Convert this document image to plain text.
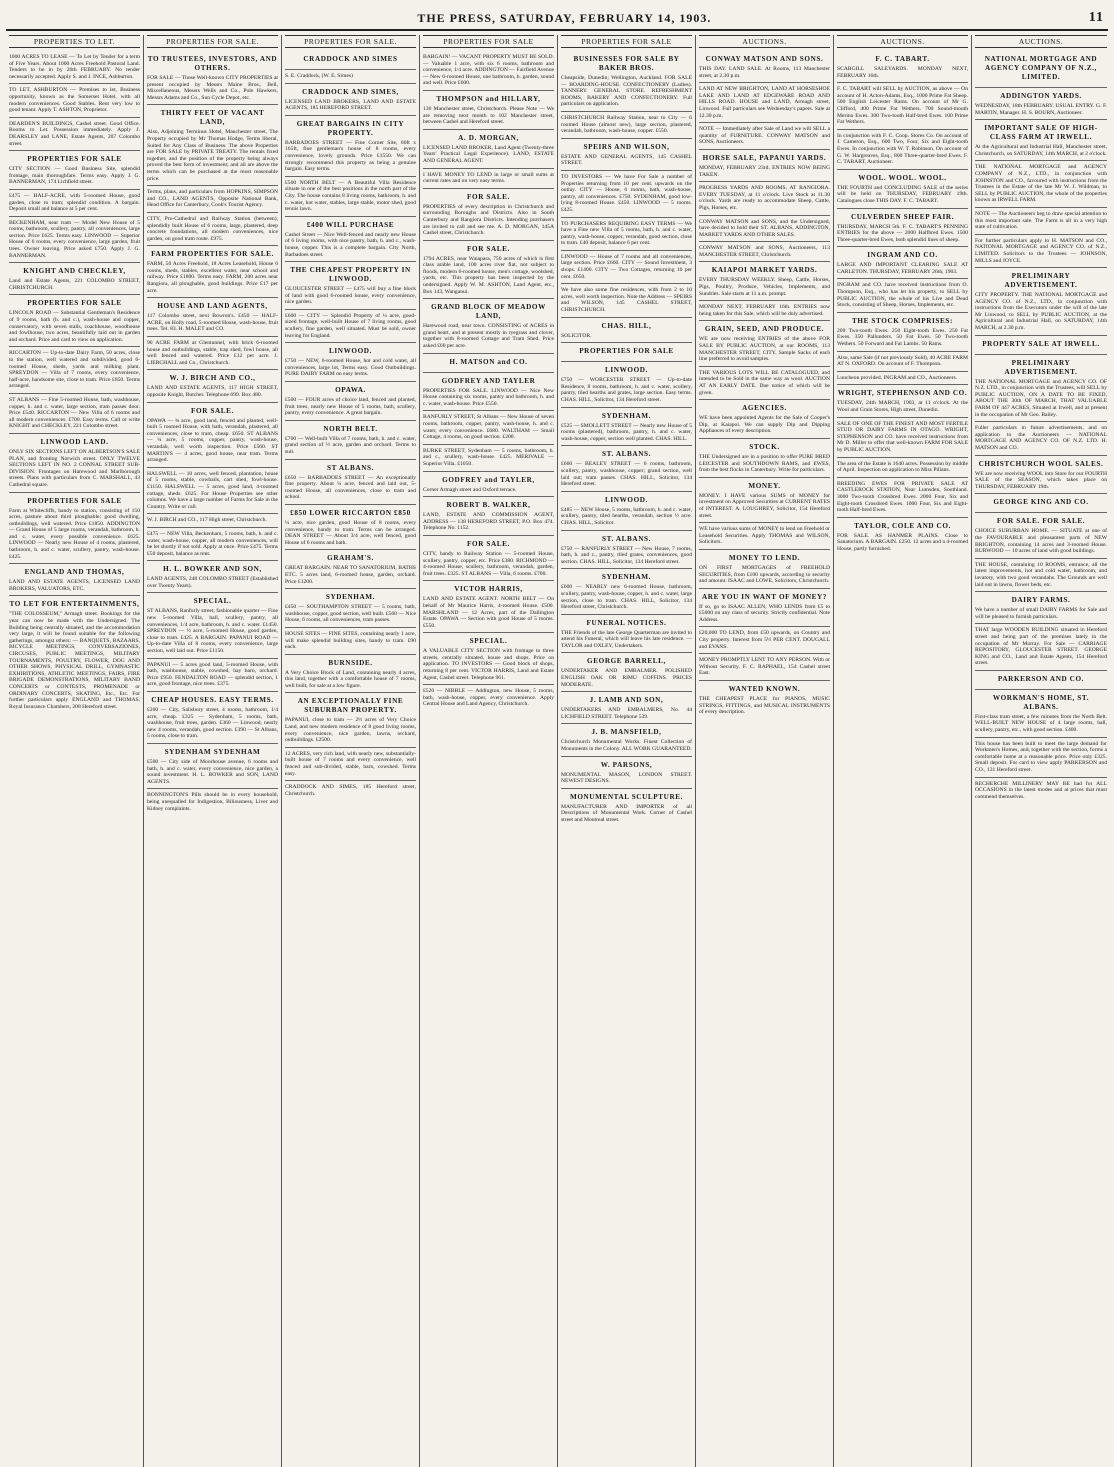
THE PRESS, SATURDAY, FEBRUARY 14, 1903.	11
PROPERTIES TO LET.
1000 ACRES TO LEASE — To Let by Tender for a term of Five Years. About 1000 Acres Freehold Pastoral Land. Tenders to be in by 26th FEBRUARY. No tender necessarily accepted. Apply S. and J. INCE, Ashburton.
TO LET, ASHBURTON — Premises to let, Business opportunity, known as the Somerset Hotel, with all modern conveniences. Good Stables. Rent very low to good tenant. Apply T. ASHTON, Proprietor.
DEARDEN'S BUILDINGS, Cashel street. Good Office. Rooms to Let. Possession immediately. Apply J. DEARSLEY and LANE, Estate Agents, 207 Colombo street.
PROPERTIES FOR SALE
CITY SECTION — Good Business Site, splendid frontage, main thoroughfare. Terms easy. Apply J. G. BANNERMAN, 174 Lichfield street.
£475 — HALF-ACRE, with 5-roomed House, good garden, close to tram; splendid condition. A bargain. Deposit small and balance at 5 per cent.
BECKENHAM, near tram — Model New House of 5 rooms, bathroom, scullery, pantry, all conveniences, large section. Price £625. Terms easy. LINWOOD — Superior House of 6 rooms, every convenience, large garden, fruit trees. Owner leaving. Price asked £750. Apply J. G. BANNERMAN.
KNIGHT AND CHECKLEY,
Land and Estate Agents, 221 COLOMBO STREET, CHRISTCHURCH.
PROPERTIES FOR SALE
LINCOLN ROAD — Substantial Gentleman's Residence of 9 rooms, bath (h. and c.), wash-house and copper, conservatory, with seven stalls, coachhouse, woodhouse and fowlhouse, two acres, beautifully laid out in garden and orchard. Price and card to view on application.
RICCARTON — Up-to-date Dairy Farm, 50 acres, close to the station, well watered and subdivided, good 6-roomed House, sheds, yards and milking plant. SPREYDON — Villa of 7 rooms, every convenience, half-acre, handsome site, close to tram. Price £850. Terms arranged.
ST ALBANS — Fine 5-roomed House, bath, washhouse, copper, h. and c. water, large section, tram passes door. Price £540. RICCARTON — New Villa of 6 rooms and all modern conveniences. £700. Easy terms. Call or write KNIGHT and CHECKLEY, 221 Colombo street.
LINWOOD LAND.
ONLY SIX SECTIONS LEFT ON ALBERTSON'S SALE PLAN, and fronting Norwich street. ONLY TWELVE SECTIONS LEFT IN NO. 2 CONNAL STREET SUB-DIVISION. Frontages on Harewood and Marlborough streets. Plans with particulars from C. MARSHALL, 43 Cathedral square.
PROPERTIES FOR SALE
Farm at Whitecliffs, handy to station, consisting of 150 acres, pasture about third ploughable; good dwelling, outbuildings, well watered. Price £1850. ADDINGTON — Grand House of 5 large rooms, verandah, bathroom, h. and c. water, every possible convenience. £625. LINWOOD — Nearly new House of 4 rooms, plastered, bathroom, h. and c. water, scullery, pantry, wash-house. £425.
ENGLAND AND THOMAS,
LAND AND ESTATE AGENTS, LICENSED LAND BROKERS, VALUATORS, ETC.
TO LET FOR ENTERTAINMENTS,
"THE COLOSSEUM," Armagh street. Bookings for the year can now be made with the Undersigned. The Building being centrally situated, and the accommodation very large, it will be found suitable for the following gatherings, amongst others: — BANQUETS, BAZAARS, BICYCLE MEETINGS, CONVERSAZIONES, CIRCUSES, PUBLIC MEETINGS, MILITARY TOURNAMENTS, POULTRY, FLOWER, DOG AND OTHER SHOWS, PHYSICAL DRILL, GYMNASTIC EXHIBITIONS, ATHLETIC MEETINGS, FAIRS, FIRE BRIGADE DEMONSTRATIONS, MILITARY BAND CONCERTS or CONTESTS, PROMENADE or ORDINARY CONCERTS, SKATING, Etc., Etc. For further particulars apply ENGLAND and THOMAS, Royal Insurance Chambers, 208 Hereford street.
PROPERTIES FOR SALE.
TO TRUSTEES, INVESTORS, AND OTHERS.
FOR SALE — Those Well-known CITY PROPERTIES at present occupied by Messrs Maine Bros., Bell, Miscellaneous, Messrs Wells and Co., Pole Hawkers, Messrs Adams and Co., Sun Cycle Depot, etc.
THIRTY FEET OF VACANT LAND,
Also, Adjoining Terminus Hotel, Manchester street, The Property occupied by Mr Thomas Hodge, Terms liberal, Suited for Any Class of Business. The above Properties are FOR SALE by PRIVATE TREATY. The rentals fixed together, and the position of the property being always proved the best form of investment; and all are above the terms which can be purchased at the most reasonable price.
Terms, plans, and particulars from HOPKINS, SIMPSON and CO., LAND AGENTS, Opposite National Bank, Head Office for Canterbury, Cook's Tourist Agency.
CITY, Pro-Cathedral and Railway Station (between), splendidly built House of 6 rooms, large, plastered, deep concrete foundations, all modern conveniences, nice garden, on good tram route. £975.
FARM PROPERTIES FOR SALE.
FARM, 50 Acres Freehold, 18 Acres Leasehold, House 6 rooms, sheds, stables, excellent water, near school and railway. Price £1800. Terms easy. FARM, 200 acres near Rangiora, all ploughable, good buildings. Price £17 per acre.
HOUSE AND LAND AGENTS,
117 Colombo street, next Bowron's. £450 — HALF-ACRE, on Holly road, 5-roomed House, wash-house, fruit trees. Tel. 83. H. MALET and CO.
90 ACRE FARM at Glentunnel, with brick 6-roomed house and outbuildings, stable, trap shed, fowl house, all well fenced and watered. Price £12 per acre. J. LIERCHALL and Co., Christchurch.
W. J. BIRCH AND CO.,
LAND AND ESTATE AGENTS, 117 HIGH STREET, opposite Knight, Butcher. Telephone 699. Box 480.
FOR SALE.
OPAWA — ¾ acre, good land, fenced and planted, well-built 5 roomed House, with bath, verandah, plastered, all conveniences, close to tram, cheap. £650. ST ALBANS — ¼ acre, 5 rooms, copper, pantry, wash-house, verandah, well worth inspection. Price £560. ST MARTIN'S — 4 acres, good house, near tram. Terms arranged.
HALSWELL — 10 acres, well fenced, plantation, house of 5 rooms, stable, cowbails, cart shed, fowl-house. £1150. HALSWELL — 5 acres, good land, 4-roomed cottage, sheds. £625. For House Properties see other columns. We have a large number of Farms for Sale in the Country. Write or call.
W. J. BIRCH and CO., 117 High street, Christchurch.
£475 — NEW Villa, Beckenham, 5 rooms, bath, h. and c. water, wash-house, copper, all modern conveniences, will be let shortly if not sold. Apply at once. Price £475. Terms £50 deposit, balance as rent.
H. L. BOWKER AND SON,
LAND AGENTS, 248 COLOMBO STREET (Established over Twenty Years).
SPECIAL.
ST ALBANS, Ranfurly street, fashionable quarter — Fine new 5-roomed Villa, hall, scullery, pantry, all conveniences, 1/4 acre, bathroom, h. and c. water. £1450. SPREYDON — ½ acre, 5-roomed House, good garden, close to tram. £425. A BARGAIN. PAPANUI ROAD — Up-to-date Villa of 8 rooms, every convenience, large section, well laid out. Price £1150.
PAPANUI — 5 acres good land, 5-roomed House, with bath, washhouse, stable, cowshed, hay barn, orchard. Price £950. FENDALTON ROAD — splendid section, 1 acre, good frontage, nice trees. £375.
CHEAP HOUSES. EASY TERMS.
£200 — City, Salisbury street, 4 rooms, bathroom, 1/4 acre, cheap. £325 — Sydenham, 5 rooms, bath, washhouse, fruit trees, garden. £360 — Linwood, nearly new 4 rooms, verandah, good section. £390 — St Albans, 5 rooms, close to tram.
SYDENHAM SYDENHAM
£500 — City side of Moorhouse avenue, 6 rooms and bath, h. and c. water, every convenience, nice garden, a sound investment. H. L. BOWKER and SON, LAND AGENTS.
BONNINGTON'S Pills should be in every household, being unequalled for Indigestion, Biliousness, Liver and Kidney complaints.
PROPERTIES FOR SALE.
CRADDOCK AND SIMES
S. E. Craddock, (W. E. Simes)
CRADDOCK AND SIMES,
LICENSED LAND BROKERS, LAND AND ESTATE AGENTS, 185 HEREFORD STREET.
GREAT BARGAINS IN CITY PROPERTY.
BARBADOES STREET — Fine Corner Site, 66ft x 165ft, fine gentleman's house of 8 rooms, every convenience, lovely grounds. Price £1550. We can strongly recommend this property as being a genuine bargain. Easy terms.
£500 NORTH BELT — A Beautiful Villa Residence situate in one of the best positions in the north part of the City. The house contains 8 living rooms, bathroom, h. and c. water, hot water, stables, large stable, motor shed, good tennis lawn.
£400 WILL PURCHASE
Cashel Street — Nice Well-fenced and nearly new House of 6 living rooms, with nice pantry, bath, h. and c., wash-house, copper. This is a complete bargain. City North, Barbadoes street.
THE CHEAPEST PROPERTY IN LINWOOD.
GLOUCESTER STREET — £475 will buy a fine block of land with good 6-roomed house, every convenience, nice garden.
£600 — CITY — Splendid Property of ¼ acre, good-sized frontage, well-built House of 7 living rooms, good scullery, fine garden, well situated. Must be sold, owner leaving for England.
LINWOOD.
£750 — NEW, 6-roomed House, hot and cold water, all conveniences, large lot, Terms easy. Good Outbuildings. PURE DAIRY FARM on easy terms.
OPAWA.
£500 — FOUR acres of choice land, fenced and planted, fruit trees, nearly new House of 5 rooms, bath, scullery, pantry, every convenience. A great bargain.
NORTH BELT.
£700 — Well-built Villa of 7 rooms, bath, h. and c. water, grand section of ½ acre, garden and orchard. Terms to suit.
ST ALBANS.
£650 — BARBADOES STREET — An exceptionally fine property. About ¼ acre, fenced and laid out, 5-roomed House, all conveniences, close to tram and school.
£850 LOWER RICCARTON £850
¼ acre, nice garden, good House of 8 rooms, every convenience, handy to tram. Terms can be arranged. DEAN STREET — About 3/4 acre, well fenced, good House of 6 rooms and bath.
GRAHAM'S.
GREAT BARGAIN. NEAR TO SANATORIUM, BATHS ETC. 5 acres land, 6-roomed house, garden, orchard. Price £1200.
SYDENHAM.
£450 — SOUTHAMPTON STREET — 5 rooms, bath, washhouse, copper, good section, well built. £560 — Nice House, 6 rooms, all conveniences, tram passes.
HOUSE SITES — FINE SITES, containing nearly 1 acre, will make splendid building sites, handy to tram. £90 each.
BURNSIDE.
A Very Choice Block of Land, containing nearly 4 acres, this land, together with a comfortable house of 7 rooms, well built, for sale at a low figure.
AN EXCEPTIONALLY FINE SUBURBAN PROPERTY.
PAPANUI, close to tram — 2½ acres of Very Choice Land, and new modern residence of 8 good living rooms, every convenience, nice garden, lawns, orchard, outbuildings. £2500.
12 ACRES, very rich land, with nearly new, substantially-built house of 7 rooms and every convenience, well fenced and sub-divided, stable, barn, cowshed. Terms easy.
CRADDOCK AND SIMES, 185 Hereford street, Christchurch.
PROPERTIES FOR SALE
BARGAIN! — VACANT PROPERTY MUST BE SOLD. — Valuable 1 acre, with six 6 rooms, bathroom and convenience, 1/4 acre. ADDINGTON — Fairfield Avenue — New 6-roomed House, one bathroom, h. garden, sound and well. Price £600.
THOMPSON and HILLARY,
130 Manchester street, Christchurch. Please Note — We are removing next month to 102 Manchester street, between Cashel and Hereford street.
A. D. MORGAN,
LICENSED LAND BROKER, Land Agent (Twenty-three Years' Practical Legal Experience). LAND, ESTATE AND GENERAL AGENT.
I HAVE MONEY TO LEND in large or small sums at current rates and on very easy terms.
FOR SALE.
PROPERTIES of every description in Christchurch and surrounding Boroughs and Districts. Also in South Canterbury and Rangiora Districts. Intending purchasers are invited to call and see me. A. D. MORGAN, 145A Cashel street, Christchurch.
FOR SALE.
1794 ACRES, near Waiapara, 750 acres of which is first class arable land, 100 acres river flat, not subject to floods, modern 6-roomed house, men's cottage, woolshed, yards, etc. This property has been inspected by the undersigned. Apply W. M. ASHTON, Land Agent, etc., Box 143, Wanganui.
GRAND BLOCK OF MEADOW LAND,
Harewood road, near town. CONSISTING of ACRES in grand heart, and at present mostly in ryegrass and clover, together with 8-roomed Cottage and Tram Shed. Price asked £60 per acre.
H. MATSON and CO.
GODFREY AND TAYLER
PROPERTIES FOR SALE. LINWOOD — Nice New House containing six rooms, pantry and bathroom, h. and c. water, wash-house. Price £550.
RANFURLY STREET, St Albans — New House of seven rooms, bathroom, copper, pantry, wash-house, h. and c. water, every convenience. £680. WALTHAM — Small Cottage, 4 rooms, on good section. £200.
BURKE STREET, Sydenham — 5 rooms, bathroom, h. and c., scullery, wash-house. £425. MERIVALE — Superior Villa. £1050.
GODFREY and TAYLER,
Corner Armagh street and Oxford terrace.
ROBERT B. WALKER,
LAND, ESTATE AND COMMISSION AGENT, ADDRESS — 138 HEREFORD STREET, P.O. Box 474. Telephone No. 1152.
FOR SALE.
CITY, handy to Railway Station — 5-roomed House, scullery, pantry, copper, etc. Price £380. RICHMOND — 4-roomed House, scullery, bathroom, verandah, garden, fruit trees. £325. ST ALBANS — Villa, 6 rooms. £700.
VICTOR HARRIS,
LAND AND ESTATE AGENT. NORTH BELT — On behalf of Mr Maurice Harris, 4-roomed House. £500. MARSHLAND — 12 Acres, part of the Dallington Estate. OPAWA — Section with good House of 5 rooms. £550.
SPECIAL.
A VALUABLE CITY SECTION with frontage to three streets, centrally situated, house and shops. Price on application. TO INVESTORS — Good block of shops, returning 8 per cent. VICTOR HARRIS, Land and Estate Agent, Cashel street. Telephone 961.
£520 — NIBBLE — Addington, new House, 5 rooms, bath, wash-house, copper, every convenience. Apply Central House and Land Agency, Christchurch.
PROPERTIES FOR SALE
BUSINESSES FOR SALE BY BAKER BROS.
Cheapside, Dunedin; Wellington, Auckland. FOR SALE — BOARDING-HOUSE. CONFECTIONERY (Ladies). TANNERY. GENERAL STORE. REFRESHMENT ROOMS, BAKERY AND CONFECTIONERY. Full particulars on application.
CHRISTCHURCH Railway Station, near to City — 6 roomed House (almost new), large section, plastered, verandah, bathroom, wash-house, copper. £550.
SPEIRS AND WILSON,
ESTATE AND GENERAL AGENTS, 145 CASHEL STREET.
TO INVESTORS — We have For Sale a number of Properties returning from 10 per cent. upwards on the outlay. CITY — House, 6 rooms, bath, wash-house, pantry, all conveniences. £750. SYDENHAM, good low-lying 8-roomed House. £450. LINWOOD — 5 rooms. £425.
TO PURCHASERS REQUIRING EASY TERMS — We have a Fine new Villa of 5 rooms, bath, h. and c. water, pantry, wash-house, copper, verandah, good section, close to tram. £40 deposit, balance 6 per cent.
LINWOOD — House of 7 rooms and all conveniences, large section. Price £660. CITY — Sound Investment, 3 shops. £1400. CITY — Two Cottages, returning 10 per cent. £650.
We have also some fine residences, with from 2 to 10 acres, well worth inspection. Note the Address — SPEIRS and WILSON, 145 CASHEL STREET, CHRISTCHURCH.
CHAS. HILL,
SOLICITOR.
PROPERTIES FOR SALE
LINWOOD.
£750 — WORCESTER STREET — Up-to-date Residence, 8 rooms, bathroom, h. and c. water, scullery, pantry, tiled hearths and grates, large section. Easy terms. CHAS. HILL, Solicitor, 134 Hereford street.
SYDENHAM.
£525 — SMOLLETT STREET — Nearly new House of 5 rooms (plastered), bathroom, pantry, h. and c. water, wash-house, copper, section well planted. CHAS. HILL.
ST. ALBANS.
£660 — BEALEY STREET — 6 rooms, bathroom, scullery, pantry, washhouse, copper; grand section, well laid out; tram passes. CHAS. HILL, Solicitor, 134 Hereford street.
LINWOOD.
£485 — NEW House, 5 rooms, bathroom, h. and c. water, scullery, pantry, tiled hearths, verandah, section ½ acre. CHAS. HILL, Solicitor.
ST. ALBANS.
£750 — RANFURLY STREET — New House, 7 rooms, bath, h. and c., pantry, tiled grates, conveniences, good section. CHAS. HILL, Solicitor, 134 Hereford street.
SYDENHAM.
£600 — NEARLY new 6-roomed House, bathroom, scullery, pantry, wash-house, copper, h. and c. water, large section, close to tram. CHAS. HILL, Solicitor, 134 Hereford street, Christchurch.
FUNERAL NOTICES.
THE Friends of the late George Quarterman are invited to attend his Funeral, which will leave his late residence. — TAYLOR and OXLEY, Undertakers.
GEORGE BARRELL,
UNDERTAKER AND EMBALMER. POLISHED ENGLISH OAK OR RIMU COFFINS. PRICES MODERATE.
J. LAMB AND SON,
UNDERTAKERS AND EMBALMERS, No. 44 LICHFIELD STREET. Telephone 539.
J. B. MANSFIELD,
Christchurch Monumental Works. Finest Collection of Monuments in the Colony. ALL WORK GUARANTEED.
W. PARSONS,
MONUMENTAL MASON, LONDON STREET. NEWEST DESIGNS.
MONUMENTAL SCULPTURE.
MANUFACTURER AND IMPORTER of all Descriptions of Monumental Work. Corner of Cashel street and Montreal street.
AUCTIONS.
CONWAY MATSON AND SONS.
THIS DAY. LAND SALE. At Rooms, 113 Manchester street, at 2.30 p.m.
LAND AT NEW BRIGHTON, LAND AT HORSESHOE LAKE AND LAND AT EDGEWARE ROAD AND HILLS ROAD. HOUSE and LAND, Armagh street, Linwood. Full particulars see Wednesday's papers. Sale at 12.30 p.m.
NOTE — Immediately after Sale of Land we will SELL a quantity of FURNITURE. CONWAY MATSON and SONS, Auctioneers.
HORSE SALE, PAPANUI YARDS.
MONDAY, FEBRUARY 23rd. ENTRIES NOW BEING TAKEN.
PROGRESS YARDS AND ROOMS, AT RANGIORA. EVERY TUESDAY, at 11 o'clock. Live Stock at 11.30 o'clock. Yards are ready to accommodate Sheep, Cattle, Pigs, Horses, etc.
CONWAY MATSON and SONS, and the Undersigned, have decided to hold their ST. ALBANS, ADDINGTON, MARKET YARDS AND OTHER SALES.
CONWAY MATSON and SONS, Auctioneers, 113 MANCHESTER STREET, Christchurch.
KAIAPOI MARKET YARDS.
EVERY THURSDAY WEEKLY. Sheep, Cattle, Horses, Pigs, Poultry, Produce, Vehicles, Implements, and Sundries. Sale starts at 11 a.m. prompt.
MONDAY NEXT, FEBRUARY 16th. ENTRIES now being taken for this Sale, which will be duly advertised.
GRAIN, SEED, AND PRODUCE.
WE are now receiving ENTRIES of the above FOR SALE BY PUBLIC AUCTION, at our ROOMS, 113 MANCHESTER STREET, CITY. Sample Sacks of each line preferred to avoid samples.
THE VARIOUS LOTS WILL BE CATALOGUED, and intended to be Sold in the same way as wool. AUCTION AT AN EARLY DATE. Due notice of which will be given.
AGENCIES.
WE have been appointed Agents for the Sale of Cooper's Dip, at Kaiapoi. We can supply Dip and Dipping Appliances of every description.
STOCK.
THE Undersigned are in a position to offer PURE BRED LEICESTER and SOUTHDOWN RAMS, and EWES, from the best flocks in Canterbury. Write for particulars.
MONEY.
MONEY. I HAVE various SUMS of MONEY for investment on Approved Securities at CURRENT RATES of INTEREST. A. LOUGHREY, Solicitor, 154 Hereford street.
WE have various sums of MONEY to lend on Freehold or Leasehold Securities. Apply THOMAS and WILSON, Solicitors.
MONEY TO LEND.
ON FIRST MORTGAGES of FREEHOLD SECURITIES, from £100 upwards, according to security and amount. ISAAC and LOWE, Solicitors, Christchurch.
ARE YOU IN WANT OF MONEY?
If so, go to ISAAC ALLEN, WHO LENDS from £5 to £5000 on any class of security. Strictly confidential. Note Address.
£20,000 TO LEND, from £50 upwards, on Country and City property. Interest from 5½ PER CENT. DOUGALL and EVANS.
MONEY PROMPTLY LENT TO ANY PERSON. With or Without Security. F. C. RAPHAEL, 154 Cashel street East.
WANTED KNOWN.
THE CHEAPEST PLACE for PIANOS, MUSIC STRINGS, FITTINGS, and MUSICAL INSTRUMENTS of every description.
AUCTIONS.
F. C. TABART.
SCARGILL SALEYARDS. MONDAY NEXT, FEBRUARY 16th.
F. C. TABART will SELL by AUCTION, as above — On account of H. Acton-Adams, Esq., 1000 Prime Fat Sheep. 500 English Leicester Rams. On account of Mr G. Clifford, 400 Prime Fat Wethers. 700 Sound-mouth Merino Ewes. 300 Two-tooth Half-bred Ewes. 100 Prime Fat Wethers.
In conjunction with F. C. Coop. Stores Co. On account of J. Cameron, Esq., 600 Two, Four, Six and Eight-tooth Ewes. In conjunction with W. T. Robinson. On account of G. W. Hargreaves, Esq., 800 Three-quarter-bred Ewes. F. C. TABART, Auctioneer.
WOOL. WOOL. WOOL.
THE FOURTH and CONCLUDING SALE of the series will be held on THURSDAY, FEBRUARY 19th. Catalogues close THIS DAY. F. C. TABART.
CULVERDEN SHEEP FAIR.
THURSDAY, MARCH 5th. F. C. TABART'S PENNING ENTRIES for the above — 2000 Halfbred Ewes. 1500 Three-quarter-bred Ewes, both splendid lines of sheep.
INGRAM AND CO.
LARGE AND IMPORTANT CLEARING SALE AT CARLETON. THURSDAY, FEBRUARY 26th, 1903.
INGRAM and CO. have received instructions from O. Thompson, Esq., who has let his property, to SELL by PUBLIC AUCTION, the whole of his Live and Dead Stock, consisting of Sheep, Horses, Implements, etc.
THE STOCK COMPRISES:
200 Two-tooth Ewes. 250 Eight-tooth Ewes. 250 Fat Ewes. 350 Pallunders. 50 Fat Ewes. 50 Two-tooth Wethers. 50 Forward and Fat Lambs. 50 Rams.
Also, same Sale (if not previously Sold), 40 ACRE FARM AT N. OXFORD. On account of F. Thompson.
Luncheon provided. INGRAM and CO., Auctioneers.
WRIGHT, STEPHENSON AND CO.
TUESDAY, 24th MARCH, 1903, at 11 o'clock. At the Wool and Grain Stores, High street, Dunedin.
SALE OF ONE OF THE FINEST AND MOST FERTILE STUD OR DAIRY FARMS IN OTAGO. WRIGHT, STEPHENSON and CO. have received instructions from Mr D. Miller to offer that well-known FARM FOR SALE by PUBLIC AUCTION.
The area of the Estate is 1640 acres. Possession by middle of April. Inspection on application to Miss Pillans.
BREEDING EWES FOR PRIVATE SALE AT CASTLEROCK STATION, Near Lumsden, Southland. 3000 Two-tooth Crossbred Ewes. 2000 Four, Six and Eight-tooth Crossbred Ewes. 1000 Four, Six and Eight-tooth Half-bred Ewes.
TAYLOR, COLE AND CO.
FOR SALE. AS HANMER PLAINS. Close to Sanatorium. A BARGAIN. £250. 12 acres and a 4-roomed House, partly furnished.
AUCTIONS.
NATIONAL MORTGAGE AND AGENCY COMPANY OF N.Z., LIMITED.
ADDINGTON YARDS.
WEDNESDAY, 18th FEBRUARY. USUAL ENTRY. G. F. MARTIN, Manager. H. S. BOURN, Auctioneer.
IMPORTANT SALE OF HIGH-CLASS FARM AT IRWELL.
At the Agricultural and Industrial Hall, Manchester street, Christchurch, on SATURDAY, 14th MARCH, at 2 o'clock.
THE NATIONAL MORTGAGE and AGENCY COMPANY of N.Z., LTD., in conjunction with JOHNSTON and CO., favoured with instructions from the Trustees in the Estate of the late Mr W. J. Wildman, to SELL by PUBLIC AUCTION, the whole of the properties known as IRWELL FARM.
NOTE — The Auctioneers beg to draw special attention to this most important sale. The Farm is all in a very high state of cultivation.
For further particulars apply to H. MATSON and CO., NATIONAL MORTGAGE and AGENCY CO. of N.Z., LIMITED. Solicitors to the Trustees — JOHNSON, MILLS and JOYCE.
PRELIMINARY ADVERTISEMENT.
CITY PROPERTY. THE NATIONAL MORTGAGE and AGENCY CO. of N.Z., LTD., in conjunction with instructions from the Executors under the will of the late Mr Linwood, to SELL by PUBLIC AUCTION, at the Agricultural and Industrial Hall, on SATURDAY, 14th MARCH, at 2.30 p.m.
PROPERTY SALE AT IRWELL.
PRELIMINARY ADVERTISEMENT.
THE NATIONAL MORTGAGE and AGENCY CO. OF N.Z. LTD., in conjunction with the Trustees, will SELL by PUBLIC AUCTION, ON A DATE TO BE FIXED, ABOUT THE 30th OF MARCH, THAT VALUABLE FARM OF 447 ACRES, Situated at Irwell, and at present in the occupation of Mr Geo. Bailey.
Fuller particulars in future advertisements, and on application to the Auctioneers — NATIONAL MORTGAGE AND AGENCY CO. OF N.Z. LTD. H. MATSON and CO.
CHRISTCHURCH WOOL SALES.
WE are now receiving WOOL into Store for our FOURTH SALE of the SEASON, which takes place on THURSDAY, FEBRUARY 19th.
GEORGE KING AND CO.
FOR SALE. FOR SALE.
CHOICE SUBURBAN HOME. — SITUATE at one of the FAVOURABLE and pleasantest parts of NEW BRIGHTON, containing 14 acres and 3-roomed House. BURWOOD — 10 acres of land with good buildings.
THE HOUSE, containing 10 ROOMS, entrance, all the latest improvements, hot and cold water, bathroom, and lavatory, with two good verandahs. The Grounds are well laid out in lawns, flower beds, etc.
DAIRY FARMS.
We have a number of small DAIRY FARMS for Sale and will be pleased to furnish particulars.
THAT large WOODEN BUILDING situated in Hereford street and being part of the premises lately in the occupation of Mr Murray. For Sale — CARRIAGE REPOSITORY, GLOUCESTER STREET. GEORGE KING and CO., Land and Estate Agents, 154 Hereford street.
PARKERSON AND CO.
WORKMAN'S HOME, ST. ALBANS.
First-class tram street, a few minutes from the North Belt. WELL-BUILT NEW HOUSE of 4 large rooms, hall, scullery, pantry, etc., with good section. £400.
This house has been built to meet the large demand for Workmen's Homes, and, together with the section, forms a comfortable home at a reasonable price. Price only £325. Small deposit. For card to view apply PARKERSON and CO., 131 Hereford street.
RECHERCHE MILLINERY MAY BE had for ALL OCCASIONS in the latest modes and at prices that must commend themselves.
